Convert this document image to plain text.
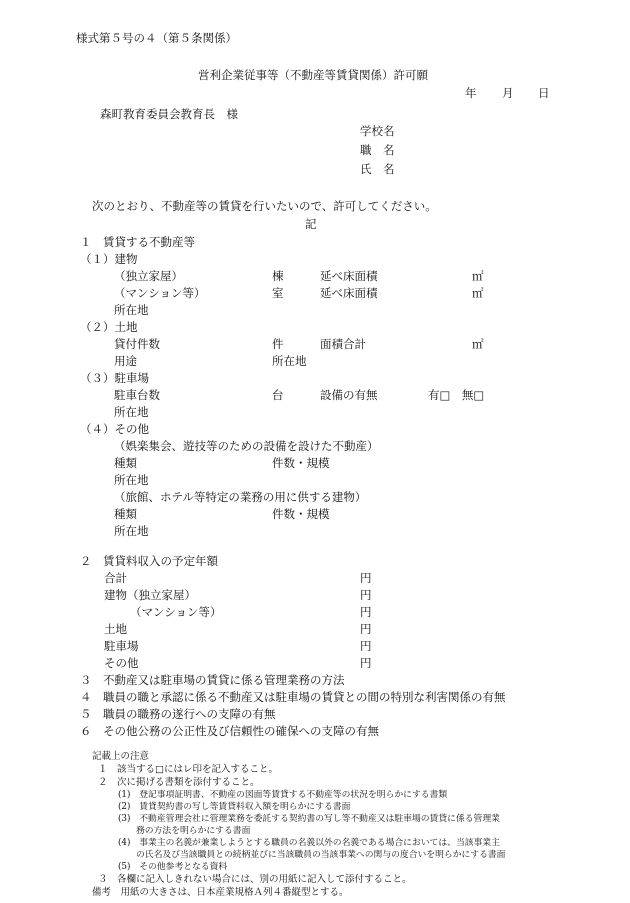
様式第５号の４（第５条関係）
営利企業従事等（不動産等賃貸関係）許可願
年 月 日
森町教育委員会教育長　様
学校名
職　名
氏　名
次のとおり、不動産等の賃貸を行いたいので、許可してください。
記
１　賃貸する不動産等
（１）建物
（独立家屋）	棟	延べ床面積	㎡
（マンション等）	室	延べ床面積	㎡
所在地
（２）土地
貸付件数	件	面積合計	㎡
用途	所在地
（３）駐車場
駐車台数	台	設備の有無	有□　無□
所在地
（４）その他
（娯楽集会、遊技等のための設備を設けた不動産）
種類	件数・規模
所在地
（旅館、ホテル等特定の業務の用に供する建物）
種類	件数・規模
所在地
２　賃貸料収入の予定年額
合計	円
建物（独立家屋）	円
（マンション等）	円
土地	円
駐車場	円
その他	円
３　不動産又は駐車場の賃貸に係る管理業務の方法
４　職員の職と承認に係る不動産又は駐車場の賃貸との間の特別な利害関係の有無
５　職員の職務の遂行への支障の有無
６　その他公務の公正性及び信頼性の確保への支障の有無
記載上の注意
１　該当する□にはレ印を記入すること。
２　次に掲げる書類を添付すること。
(1)　登記事項証明書、不動産の図面等賃貸する不動産等の状況を明らかにする書類
(2)　賃貸契約書の写し等賃貸料収入額を明らかにする書面
(3)　不動産管理会社に管理業務を委託する契約書の写し等不動産又は駐車場の賃貸に係る管理業
務の方法を明らかにする書面
(4)　事業主の名義が兼業しようとする職員の名義以外の名義である場合においては、当該事業主
の氏名及び当該職員との続柄並びに当該職員の当該事業への関与の度合いを明らかにする書面
(5)　その他参考となる資料
３　各欄に記入しきれない場合には、別の用紙に記入して添付すること。
備考　用紙の大きさは、日本産業規格Ａ列４番縦型とする。
